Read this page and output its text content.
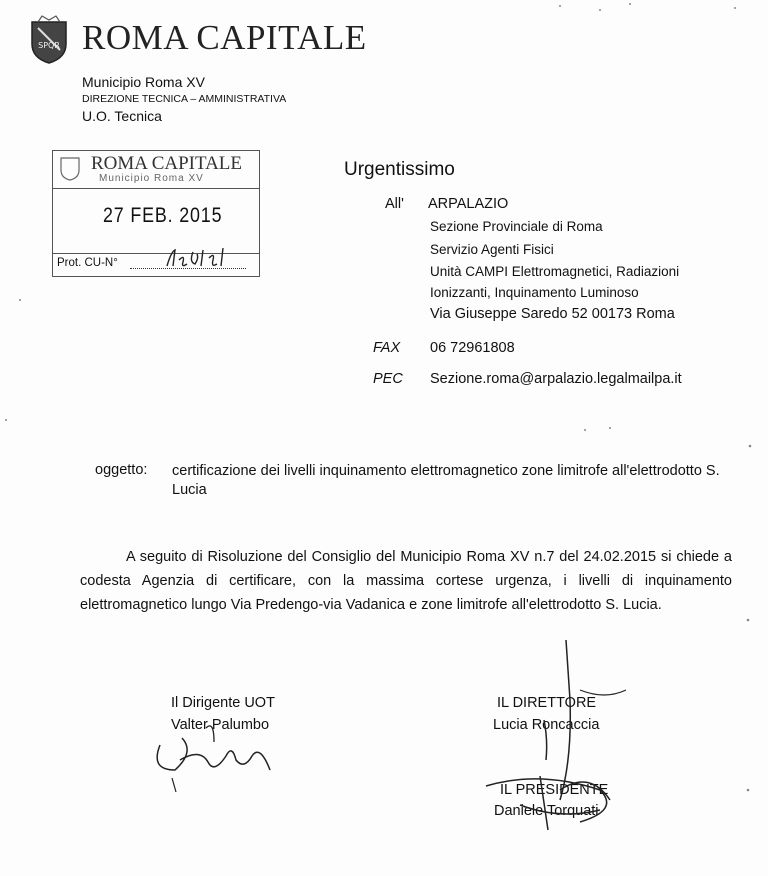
SPQR ROMA CAPITALE
Municipio Roma XV
DIREZIONE TECNICA – AMMINISTRATIVA
U.O. Tecnica
ROMA CAPITALE
Municipio Roma XV
27 FEB. 2015
Prot. CU-N°
Urgentissimo
All' ARPALAZIO
Sezione Provinciale di Roma
Servizio Agenti Fisici
Unità CAMPI Elettromagnetici, Radiazioni
Ionizzanti, Inquinamento Luminoso
Via Giuseppe Saredo 52 00173 Roma
FAX 06 72961808
PEC Sezione.roma@arpalazio.legalmailpa.it
oggetto: certificazione dei livelli inquinamento elettromagnetico zone limitrofe all'elettrodotto S. Lucia

A seguito di Risoluzione del Consiglio del Municipio Roma XV n.7 del 24.02.2015 si chiede a codesta Agenzia di certificare, con la massima cortese urgenza, i livelli di inquinamento elettromagnetico lungo Via Predengo-via Vadanica e zone limitrofe all'elettrodotto S. Lucia.

Il Dirigente UOT
Valter Palumbo
IL DIRETTORE
Lucia Roncaccia
IL PRESIDENTE
Daniele Torquati
